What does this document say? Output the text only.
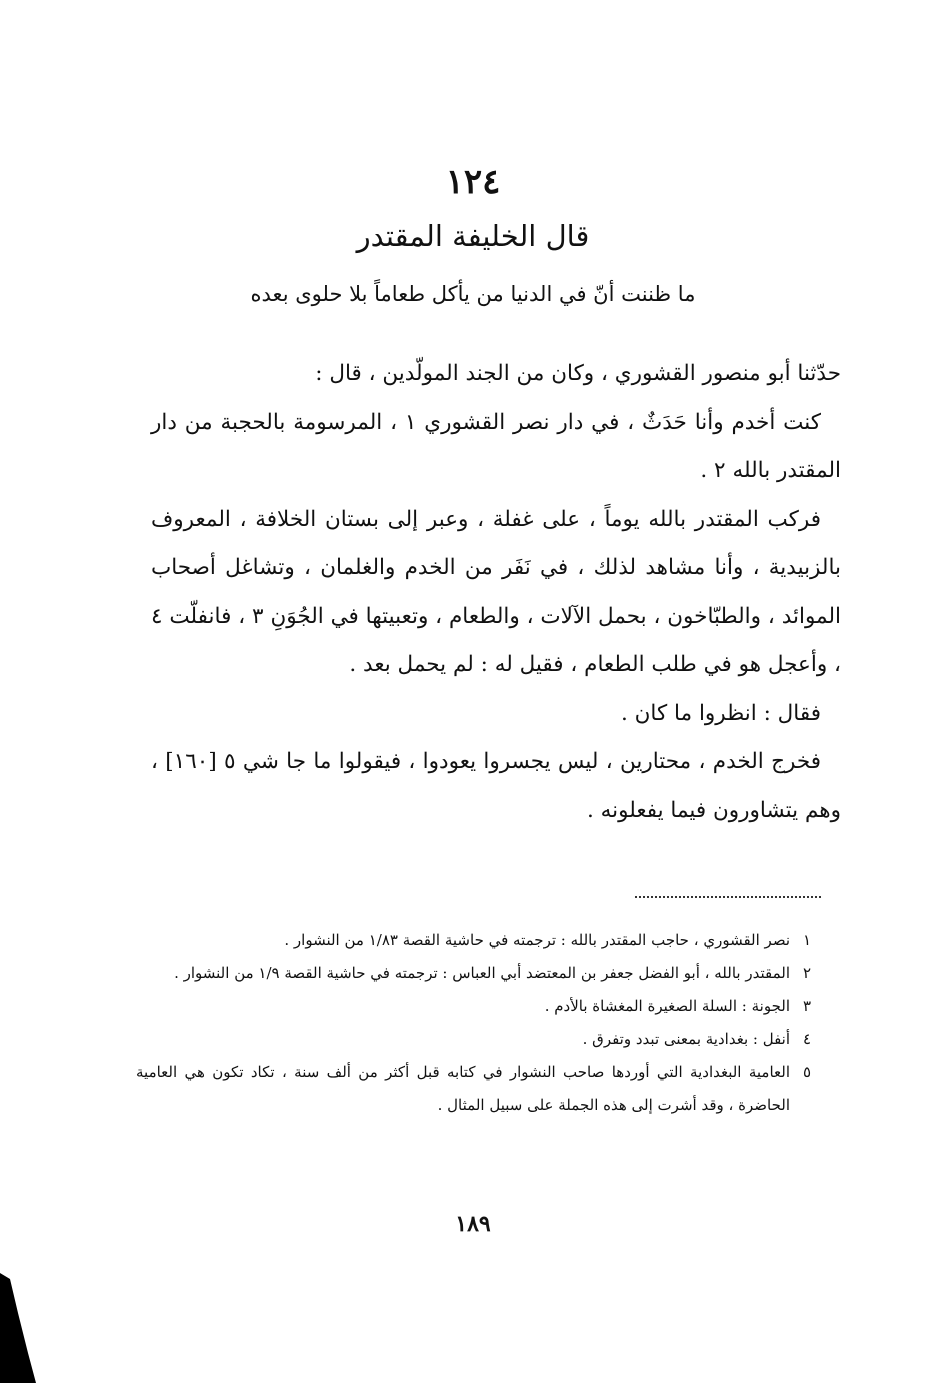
١٢٤
قال الخليفة المقتدر
ما ظننت أنّ في الدنيا من يأكل طعاماً بلا حلوى بعده

حدّثنا أبو منصور القشوري ، وكان من الجند المولّدين ، قال :

كنت أخدم وأنا حَدَثٌ ، في دار نصر القشوري ١ ، المرسومة بالحجبة من دار المقتدر بالله ٢ .

فركب المقتدر بالله يوماً ، على غفلة ، وعبر إلى بستان الخلافة ، المعروف بالزبيدية ، وأنا مشاهد لذلك ، في نَفَر من الخدم والغلمان ، وتشاغل أصحاب الموائد ، والطبّاخون ، بحمل الآلات ، والطعام ، وتعبيتها في الجُوَنِ ٣ ، فانفلّت ٤ ، وأعجل هو في طلب الطعام ، فقيل له : لم يحمل بعد .

فقال : انظروا ما كان .

فخرج الخدم ، محتارين ، ليس يجسروا يعودوا ، فيقولوا ما جا شي ٥ [١٦٠] ، وهم يتشاورون فيما يفعلونه .

١
نصر القشوري ، حاجب المقتدر بالله : ترجمته في حاشية القصة ١/٨٣ من النشوار .
٢
المقتدر بالله ، أبو الفضل جعفر بن المعتضد أبي العباس : ترجمته في حاشية القصة ١/٩ من النشوار .
٣
الجونة : السلة الصغيرة المغشاة بالأدم .
٤
أنفل : بغدادية بمعنى تبدد وتفرق .
٥
العامية البغدادية التي أوردها صاحب النشوار في كتابه قبل أكثر من ألف سنة ، تكاد تكون هي العامية الحاضرة ، وقد أشرت إلى هذه الجملة على سبيل المثال .
١٨٩
